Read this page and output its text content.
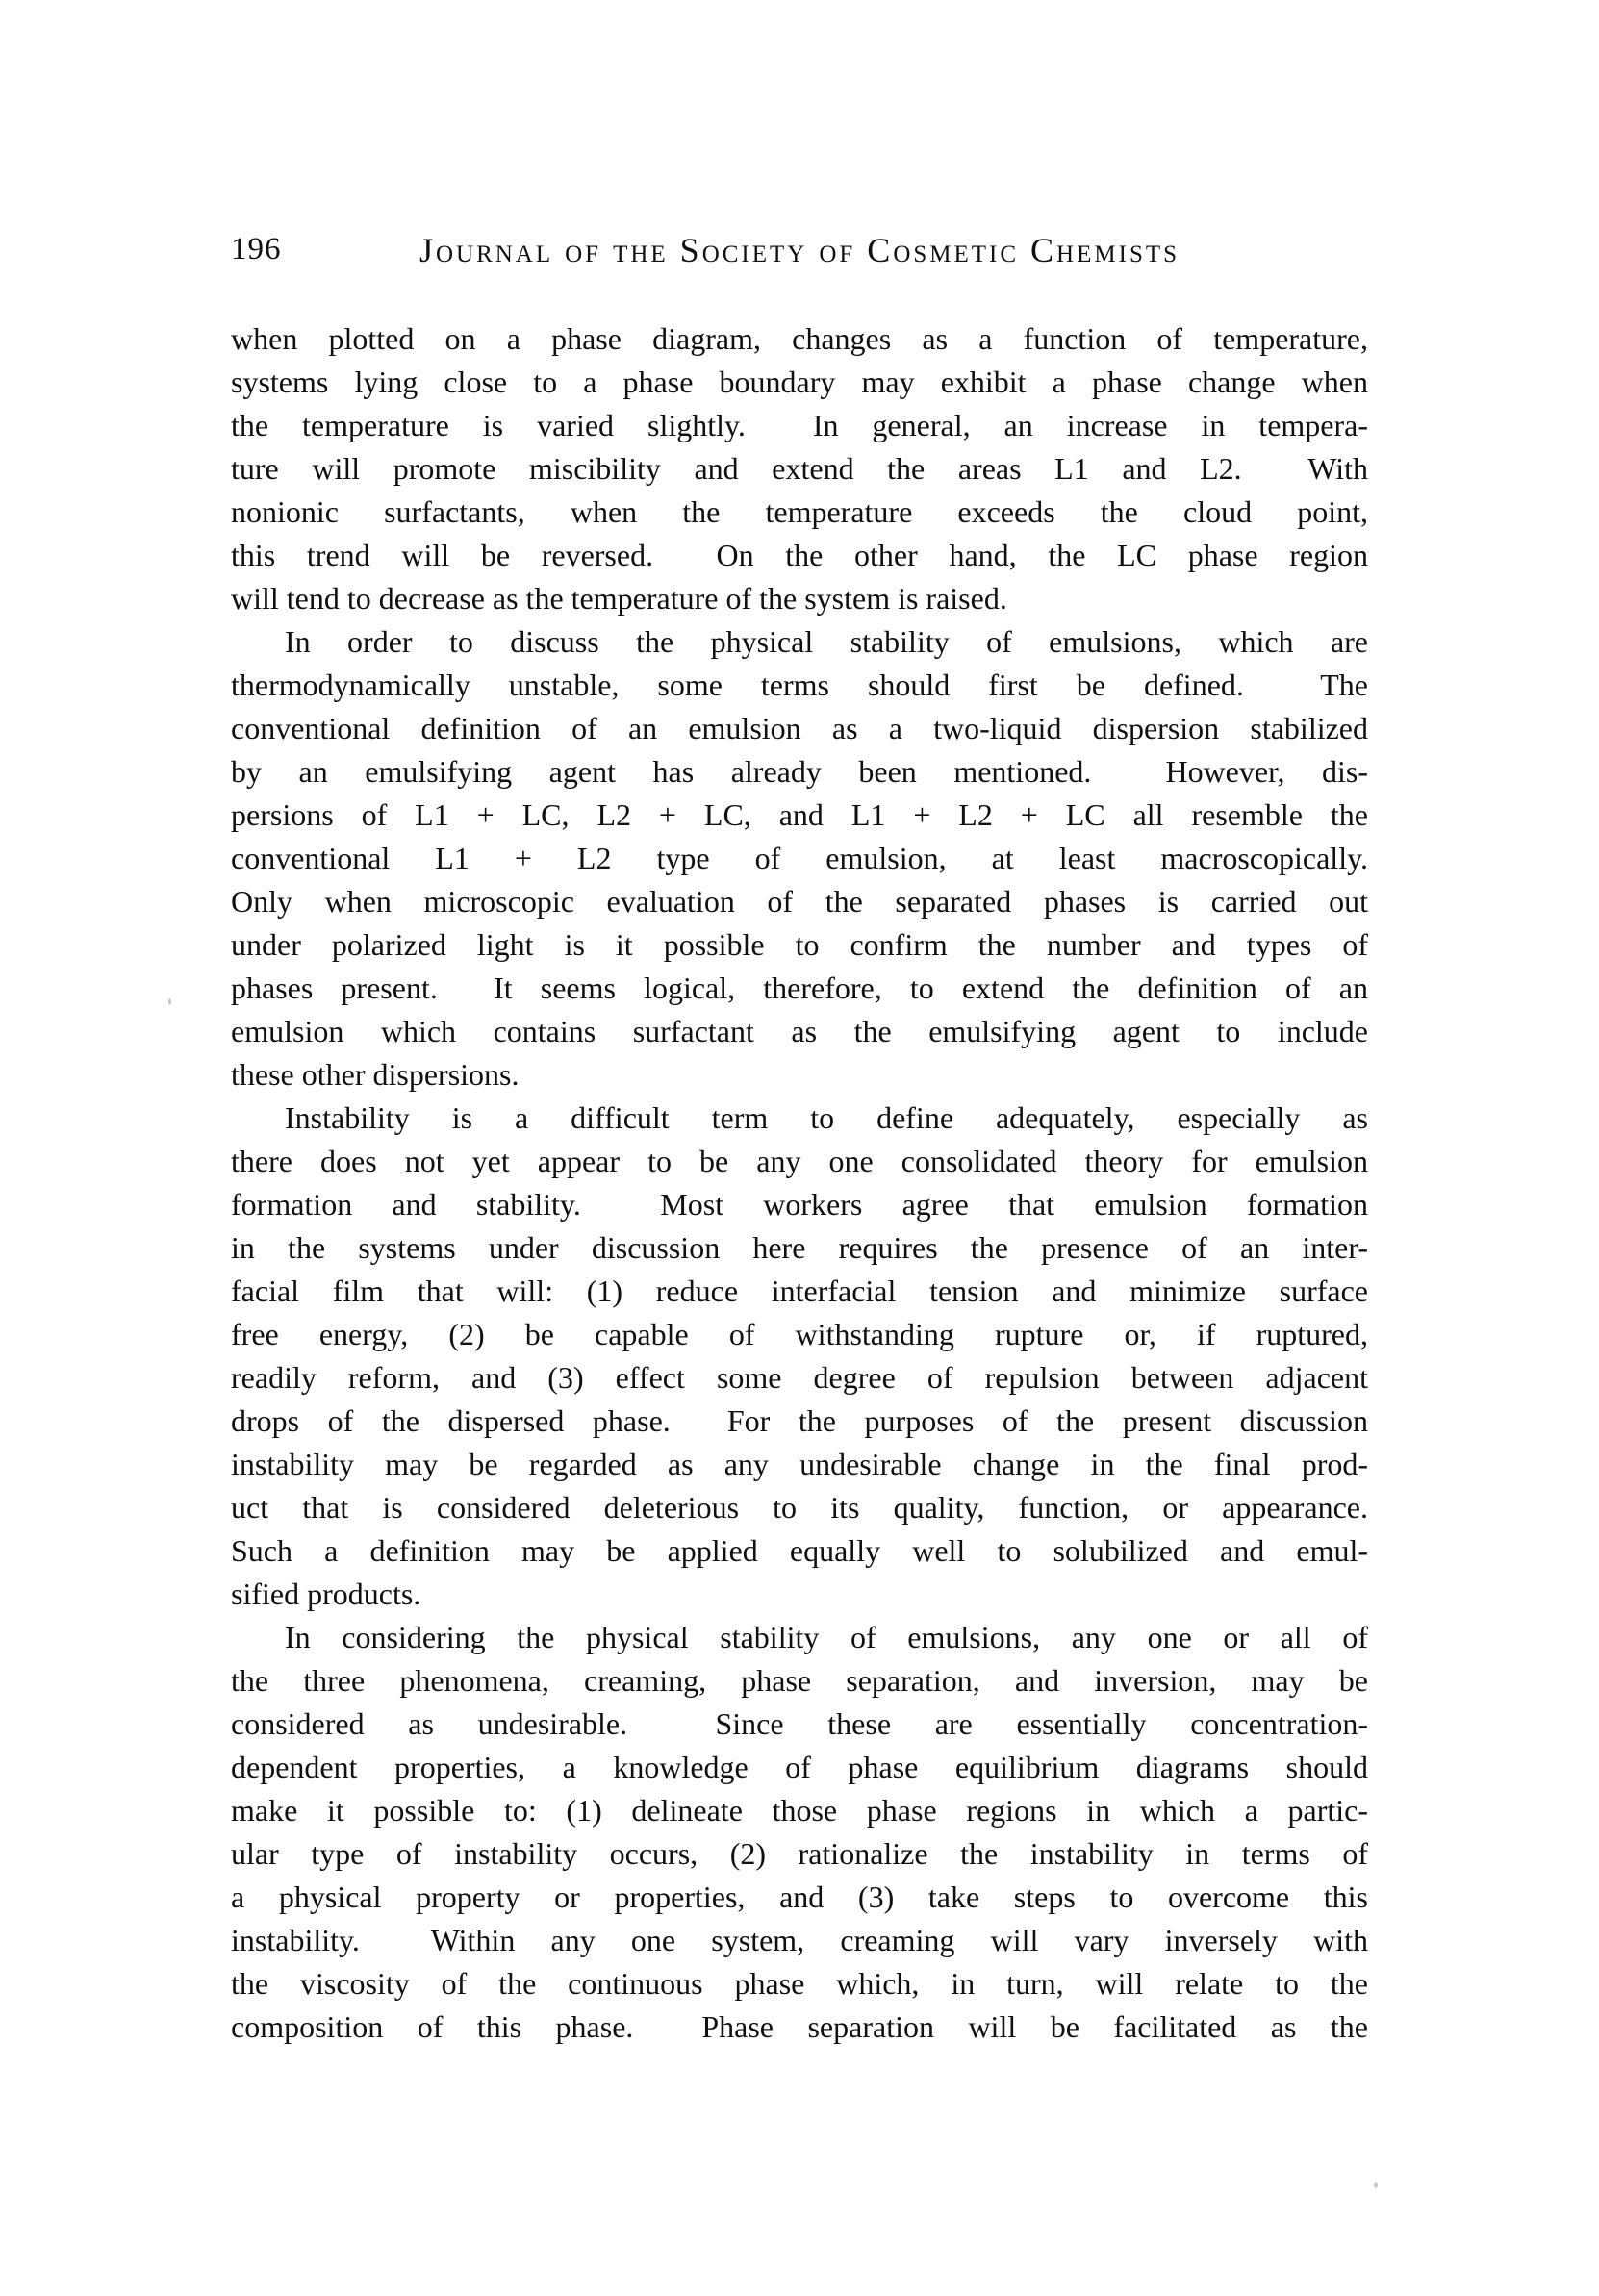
196	Journal of the Society of Cosmetic Chemists

when plotted on a phase diagram, changes as a function of temperature,
systems lying close to a phase boundary may exhibit a phase change when
the temperature is varied slightly.  In general, an increase in tempera-
ture will promote miscibility and extend the areas L1 and L2.  With
nonionic surfactants, when the temperature exceeds the cloud point,
this trend will be reversed.  On the other hand, the LC phase region
will tend to decrease as the temperature of the system is raised.

In order to discuss the physical stability of emulsions, which are
thermodynamically unstable, some terms should first be defined.  The
conventional definition of an emulsion as a two-liquid dispersion stabilized
by an emulsifying agent has already been mentioned.  However, dis-
persions of L1 + LC, L2 + LC, and L1 + L2 + LC all resemble the
conventional L1 + L2 type of emulsion, at least macroscopically.
Only when microscopic evaluation of the separated phases is carried out
under polarized light is it possible to confirm the number and types of
phases present.  It seems logical, therefore, to extend the definition of an
emulsion which contains surfactant as the emulsifying agent to include
these other dispersions.

Instability is a difficult term to define adequately, especially as
there does not yet appear to be any one consolidated theory for emulsion
formation and stability.  Most workers agree that emulsion formation
in the systems under discussion here requires the presence of an inter-
facial film that will: (1) reduce interfacial tension and minimize surface
free energy, (2) be capable of withstanding rupture or, if ruptured,
readily reform, and (3) effect some degree of repulsion between adjacent
drops of the dispersed phase.  For the purposes of the present discussion
instability may be regarded as any undesirable change in the final prod-
uct that is considered deleterious to its quality, function, or appearance.
Such a definition may be applied equally well to solubilized and emul-
sified products.

In considering the physical stability of emulsions, any one or all of
the three phenomena, creaming, phase separation, and inversion, may be
considered as undesirable.  Since these are essentially concentration-
dependent properties, a knowledge of phase equilibrium diagrams should
make it possible to: (1) delineate those phase regions in which a partic-
ular type of instability occurs, (2) rationalize the instability in terms of
a physical property or properties, and (3) take steps to overcome this
instability.  Within any one system, creaming will vary inversely with
the viscosity of the continuous phase which, in turn, will relate to the
composition of this phase.  Phase separation will be facilitated as the
